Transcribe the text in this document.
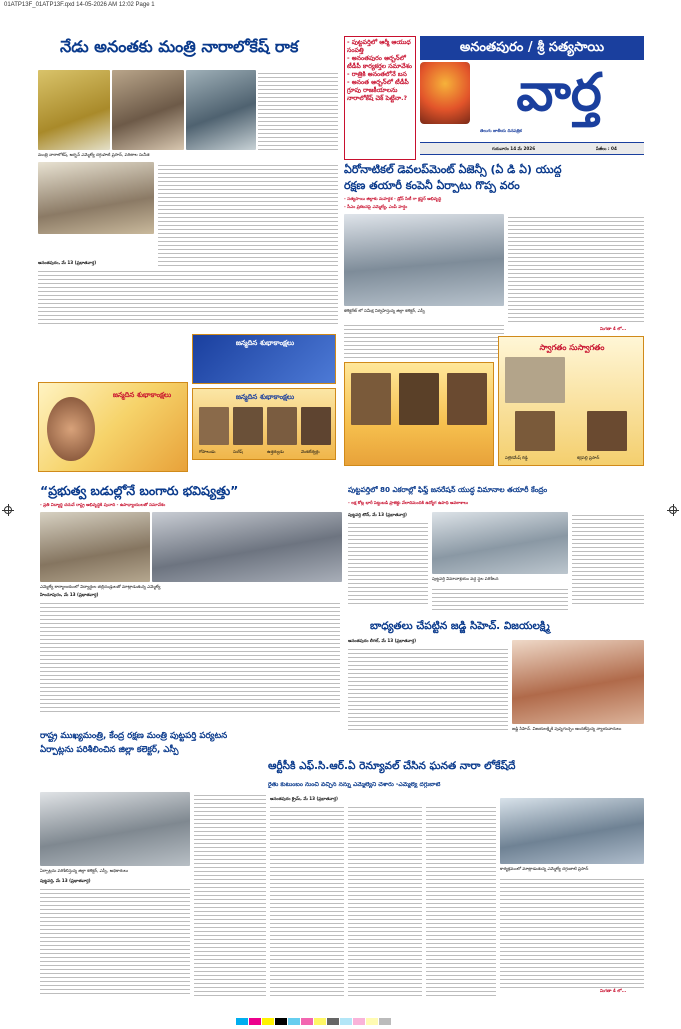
01ATP13F_01ATP13F.qxd 14-05-2026 AM 12:02 Page 1
నేడు అనంతకు మంత్రి నారాలోకేష్ రాక
మంత్రి నారాలోకేష్, అర్బన్ ఎమ్మెల్యే దగ్గుపాటి ప్రసాద్, పరిటాల సునీత
అనంతపురం, మే 13 (ప్రభాతవార్త)
- పుట్టపర్తిలో ఆర్మీ ఆయుధ సంపత్తి
- అనంతపురం అర్బన్‌లో టీడీపీ కార్యకర్తల సమావేశం
- రాత్రికి అనంతలోనే బస
- అనంత అర్బన్‌లో టీడీపీ గ్రూపు రాజకీయాలను నారాలోకేష్ చెక్ పెట్టేనా.?
అనంతపురం / శ్రీ సత్యసాయి
వార్త
తెలుగు జాతీయ దినపత్రిక
గురువారం 14 మే 2026	పేజీలు : 04
ఏరోనాటికల్ డెవలప్‌మెంట్ ఏజెన్సీ (ఏ డి ఏ) యుద్ధ
రక్షణ తయారీ కంపెనీ ఏర్పాటు గొప్ప వరం
- సత్యసాయి జిల్లాకు మహర్దశ - డ్రోన్ సిటీ గా క్లస్టర్ అభివృద్ధి
- సీఎం ప్రకటనపై ఎమ్మెల్యే, ఎంపీ హర్షం
కలెక్టరేట్ లో సమీక్ష నిర్వహిస్తున్న జిల్లా కలెక్టర్, ఎస్పీ
మిగతా 4 లో...
జన్మదిన శుభాకాంక్షలు
జన్మదిన శుభాకాంక్షలు
జన్మదిన శుభాకాంక్షలు
గోపాలుడు	సురేష్	ఉత్తర్వుడు	వెంకటేశ్వర్లు
స్వాగతం సుస్వాగతం
పల్లెరమేష్ రెడ్డి	కర్లపల్లి ప్రసాద్
“ప్రభుత్వ బడుల్లోనే బంగారు భవిష్యత్తు”
- ప్రతి విద్యార్థి చదువే రాష్ట్ర అభివృద్ధికి పునాది - ఉపాధ్యాయులతో సమావేశం
ఎమ్మెల్యే కార్యాలయంలో విద్యార్థుల తల్లిదండ్రులతో మాట్లాడుతున్న ఎమ్మెల్యే
హిందూపురం, మే 13 (ప్రభాతవార్త)
పుట్టపర్తిలో 80 ఎకరాల్లో ఫిఫ్త్ జనరేషన్ యుద్ధ విమానాల తయారీ కేంద్రం
- లక్ష కోట్ల భారీ పెట్టుబడి ప్రాజెక్టు వేలాదిమందికి ఉద్యోగ ఉపాధి అవకాశాలు
పుట్టపర్తి టౌన్, మే 13 (ప్రభాతవార్త)
పుట్టపర్తి విమానాశ్రయం వద్ద స్థల పరిశీలన
బాధ్యతలు చేపట్టిన జడ్జి సిహెచ్. విజయలక్ష్మి
అనంతపురం లీగల్, మే 13 (ప్రభాతవార్త)
జడ్జి సిహెచ్. విజయలక్ష్మికి పుష్పగుచ్ఛం అందజేస్తున్న న్యాయవాదులు
రాష్ట్ర ముఖ్యమంత్రి, కేంద్ర రక్షణ మంత్రి పుట్టపర్తి పర్యటన
ఏర్పాట్లను పరిశీలించిన జిల్లా కలెక్టర్, ఎస్పీ
ఏర్పాట్లను పరిశీలిస్తున్న జిల్లా కలెక్టర్, ఎస్పీ, అధికారులు
పుట్టపర్తి, మే 13 (ప్రభాతవార్త)
ఆర్టీసీకి ఎఫ్.సి.ఆర్.ఏ రెన్యూవల్ చేసిన ఘనత నారా లోకేష్‌దే
రైతు కుటుంబం నుంచి వచ్చిన నన్ను ఎమ్మెల్యేని చేశారు -ఎమ్మెల్యే దగ్గుబాటి
అనంతపురం క్రైమ్, మే 13 (ప్రభాతవార్త)
కార్యక్రమంలో మాట్లాడుతున్న ఎమ్మెల్యే దగ్గుబాటి ప్రసాద్
మిగతా 4 లో...
